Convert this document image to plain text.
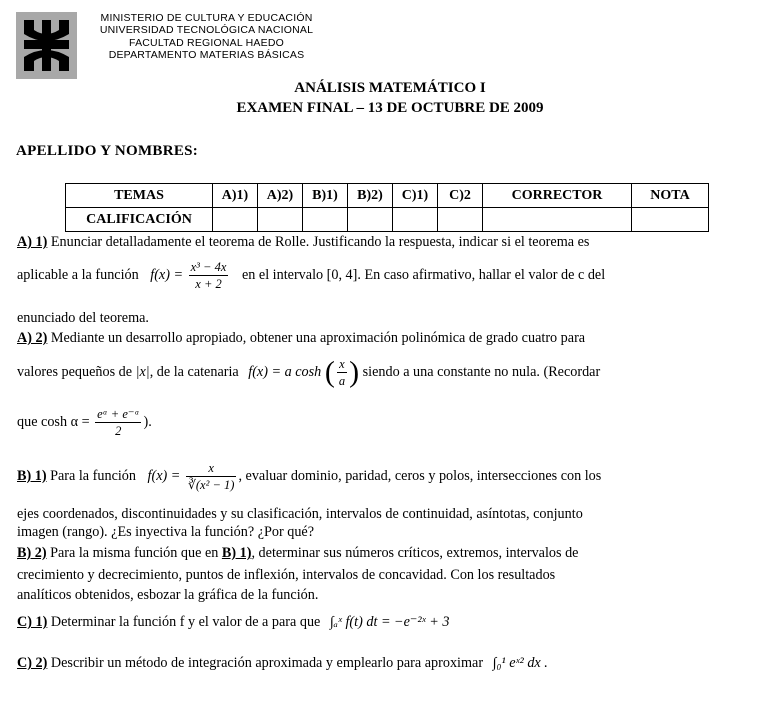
MINISTERIO DE CULTURA Y EDUCACIÓN
UNIVERSIDAD TECNOLÓGICA NACIONAL
FACULTAD REGIONAL HAEDO
DEPARTAMENTO MATERIAS BÁSICAS
ANÁLISIS MATEMÁTICO I
EXAMEN FINAL – 13 DE OCTUBRE DE 2009
APELLIDO Y NOMBRES:
TEMAS	A)1)	A)2)	B)1)	B)2)	C)1)	C)2	CORRECTOR	NOTA
CALIFICACIÓN								
A) 1) Enunciar detalladamente el teorema de Rolle. Justificando la respuesta, indicar si el teorema es
aplicable a la función $f(x) = \frac{\text{x³ − 4x}}{x + 2}$ en el intervalo [0, 4]. En caso afirmativo, hallar el valor de c del
enunciado del teorema.
A) 2) Mediante un desarrollo apropiado, obtener una aproximación polinómica de grado cuatro para
valores pequeños de |x|, de la catenaria f(x) = a cosh ( $\frac{x}{a}$ ) siendo a una constante no nula. (Recordar
que $\cosh \alpha = \frac{\text{eᵅ + e⁻ᵅ}}{2}$ ).
B) 1) Para la función $f(x) = \frac{x}{\text{∛(x² − 1)}}$ , evaluar dominio, paridad, ceros y polos, intersecciones con los
ejes coordenados, discontinuidades y su clasificación, intervalos de continuidad, asíntotas, conjunto
imagen (rango). ¿Es inyectiva la función? ¿Por qué?
B) 2) Para la misma función que en B) 1), determinar sus números críticos, extremos, intervalos de
crecimiento y decrecimiento, puntos de inflexión, intervalos de concavidad. Con los resultados
analíticos obtenidos, esbozar la gráfica de la función.
C) 1) Determinar la función f y el valor de a para que ∫ₐˣ f(t) dt = −e⁻²ˣ + 3
C) 2) Describir un método de integración aproximada y emplearlo para aproximar ∫₀¹ eˣ² dx .
